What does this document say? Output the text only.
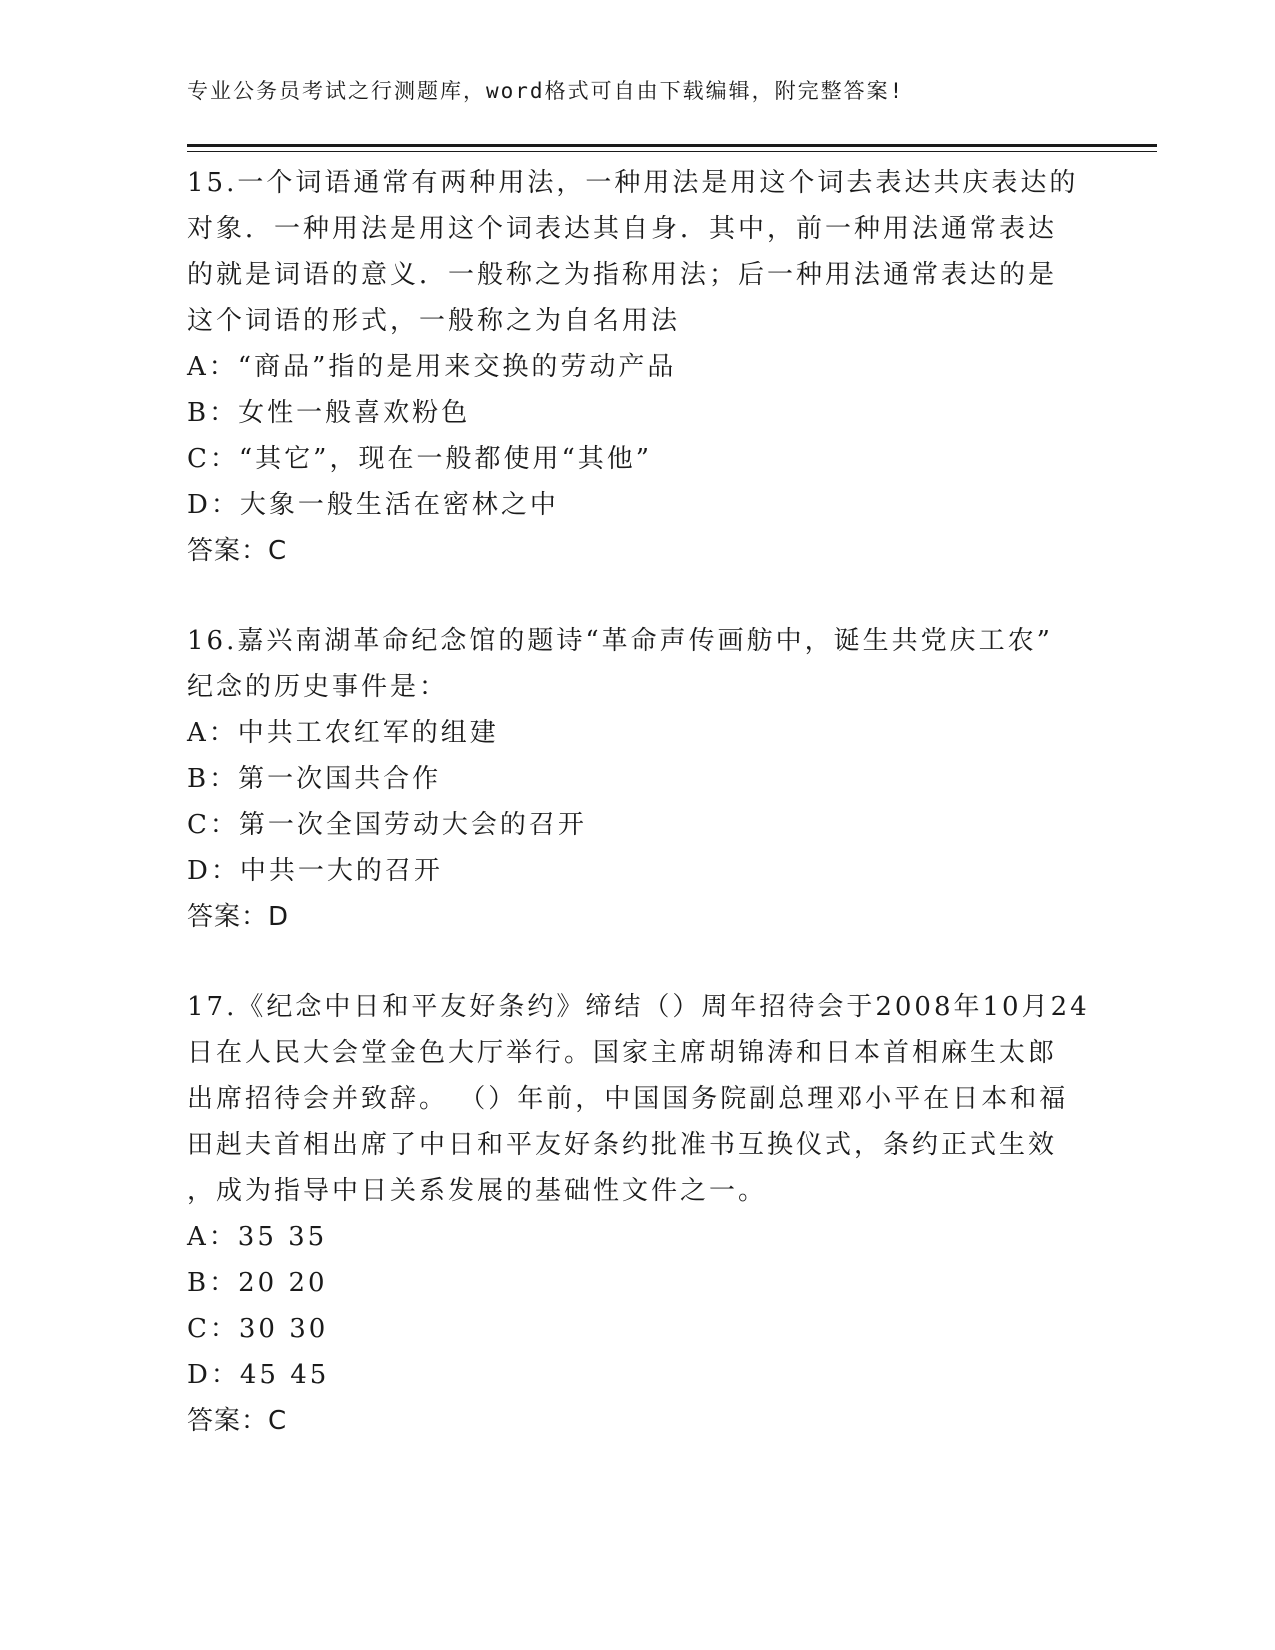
专业公务员考试之行测题库，word格式可自由下载编辑，附完整答案!
15.一个词语通常有两种用法，一种用法是用这个词去表达共庆表达的
对象．一种用法是用这个词表达其自身．其中，前一种用法通常表达
的就是词语的意义．一般称之为指称用法；后一种用法通常表达的是
这个词语的形式，一般称之为自名用法
A：“商品”指的是用来交换的劳动产品
B：女性一般喜欢粉色
C：“其它”，现在一般都使用“其他”
D：大象一般生活在密林之中
答案：C
16.嘉兴南湖革命纪念馆的题诗“革命声传画舫中，诞生共党庆工农”
纪念的历史事件是：
A：中共工农红军的组建
B：第一次国共合作
C：第一次全国劳动大会的召开
D：中共一大的召开
答案：D
17.《纪念中日和平友好条约》缔结（）周年招待会于2008年10月24
日在人民大会堂金色大厅举行。国家主席胡锦涛和日本首相麻生太郎
出席招待会并致辞。 （）年前，中国国务院副总理邓小平在日本和福
田赳夫首相出席了中日和平友好条约批准书互换仪式，条约正式生效
，成为指导中日关系发展的基础性文件之一。
A：35 35
B：20 20
C：30 30
D：45 45
答案：C
